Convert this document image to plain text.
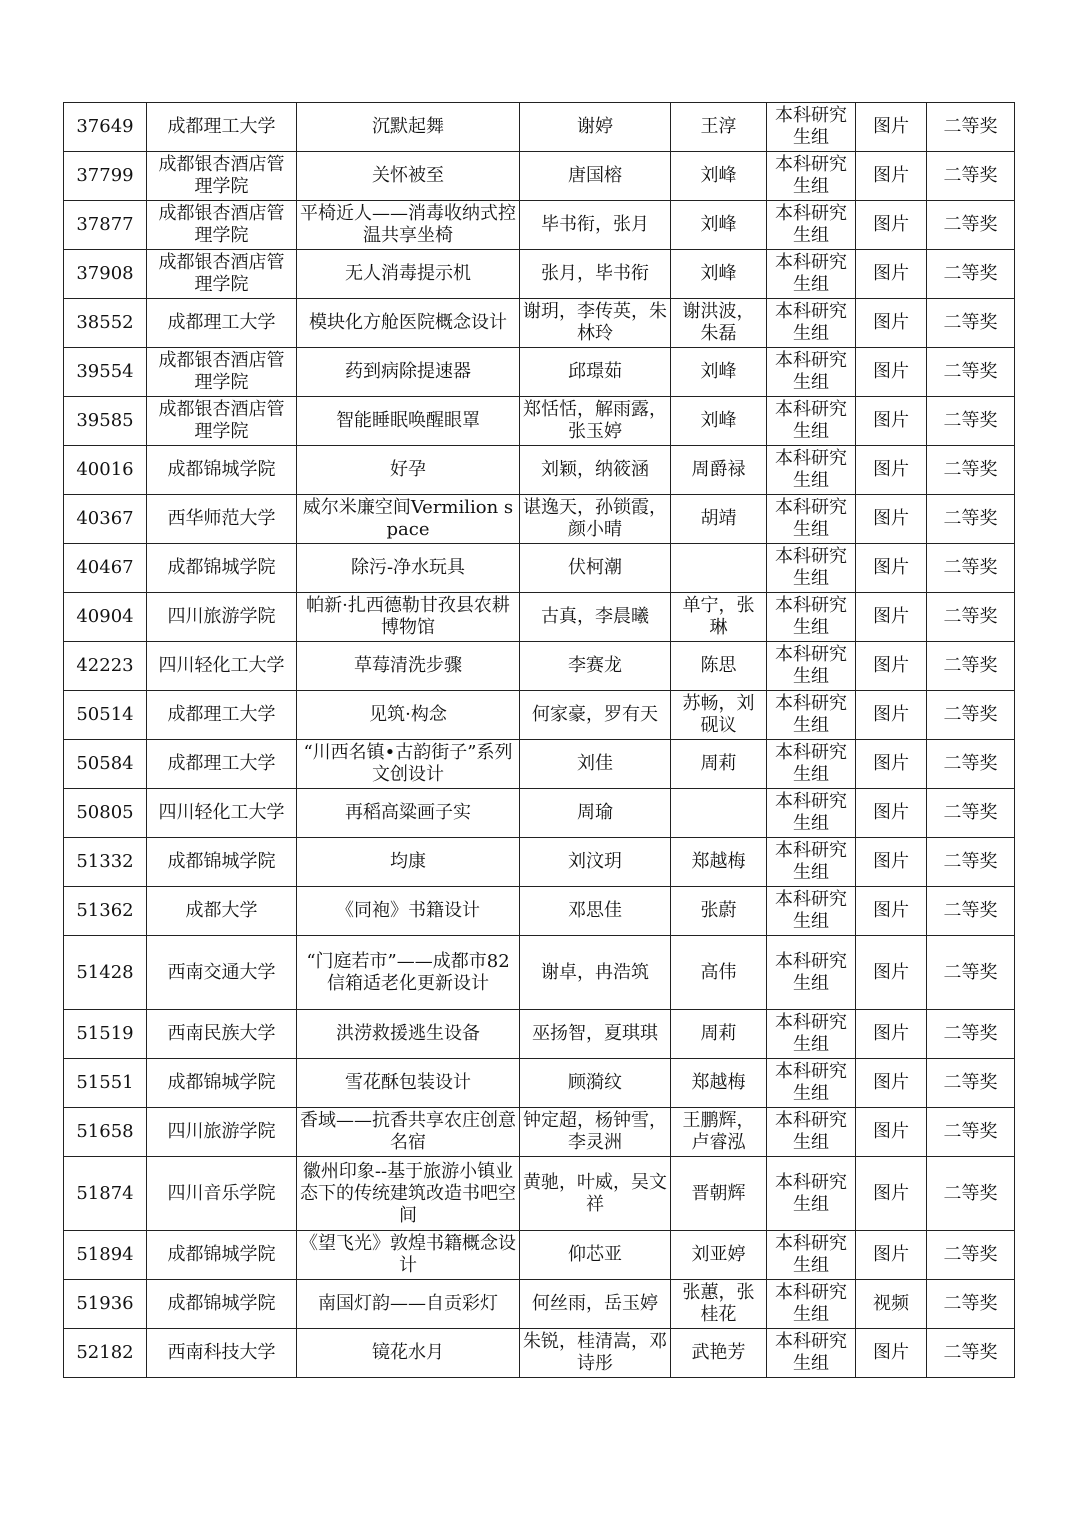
37649	成都理工大学	沉默起舞	谢婷	王淳	本科研究生组	图片	二等奖
37799	成都银杏酒店管理学院	关怀被至	唐国榕	刘峰	本科研究生组	图片	二等奖
37877	成都银杏酒店管理学院	平椅近人——消毒收纳式控温共享坐椅	毕书衔，张月	刘峰	本科研究生组	图片	二等奖
37908	成都银杏酒店管理学院	无人消毒提示机	张月，毕书衔	刘峰	本科研究生组	图片	二等奖
38552	成都理工大学	模块化方舱医院概念设计	谢玥，李传英，朱林玲	谢洪波，朱磊	本科研究生组	图片	二等奖
39554	成都银杏酒店管理学院	药到病除提速器	邱璟茹	刘峰	本科研究生组	图片	二等奖
39585	成都银杏酒店管理学院	智能睡眠唤醒眼罩	郑恬恬，解雨露，张玉婷	刘峰	本科研究生组	图片	二等奖
40016	成都锦城学院	好孕	刘颖，纳筱涵	周爵禄	本科研究生组	图片	二等奖
40367	西华师范大学	威尔米廉空间Vermilion space	谌逸天，孙锁霞，颜小晴	胡靖	本科研究生组	图片	二等奖
40467	成都锦城学院	除污-净水玩具	伏柯潮		本科研究生组	图片	二等奖
40904	四川旅游学院	帕新·扎西德勒甘孜县农耕博物馆	古真，李晨曦	单宁，张琳	本科研究生组	图片	二等奖
42223	四川轻化工大学	草莓清洗步骤	李赛龙	陈思	本科研究生组	图片	二等奖
50514	成都理工大学	见筑·构念	何家豪，罗有天	苏畅，刘砚议	本科研究生组	图片	二等奖
50584	成都理工大学	“川西名镇•古韵街子”系列文创设计	刘佳	周莉	本科研究生组	图片	二等奖
50805	四川轻化工大学	再稻高粱画子实	周瑜		本科研究生组	图片	二等奖
51332	成都锦城学院	均康	刘汶玥	郑越梅	本科研究生组	图片	二等奖
51362	成都大学	《同袍》书籍设计	邓思佳	张蔚	本科研究生组	图片	二等奖
51428	西南交通大学	“门庭若市”——成都市82信箱适老化更新设计	谢卓，冉浩筑	高伟	本科研究生组	图片	二等奖
51519	西南民族大学	洪涝救援逃生设备	巫扬智，夏琪琪	周莉	本科研究生组	图片	二等奖
51551	成都锦城学院	雪花酥包装设计	顾漪纹	郑越梅	本科研究生组	图片	二等奖
51658	四川旅游学院	香域——抗香共享农庄创意名宿	钟定超，杨钟雪，李灵洲	王鹏辉，卢睿泓	本科研究生组	图片	二等奖
51874	四川音乐学院	徽州印象--基于旅游小镇业态下的传统建筑改造书吧空间	黄驰，叶威，吴文祥	晋朝辉	本科研究生组	图片	二等奖
51894	成都锦城学院	《望飞光》敦煌书籍概念设计	仰芯亚	刘亚婷	本科研究生组	图片	二等奖
51936	成都锦城学院	南国灯韵——自贡彩灯	何丝雨，岳玉婷	张蕙，张桂花	本科研究生组	视频	二等奖
52182	西南科技大学	镜花水月	朱锐，桂清嵩，邓诗彤	武艳芳	本科研究生组	图片	二等奖
